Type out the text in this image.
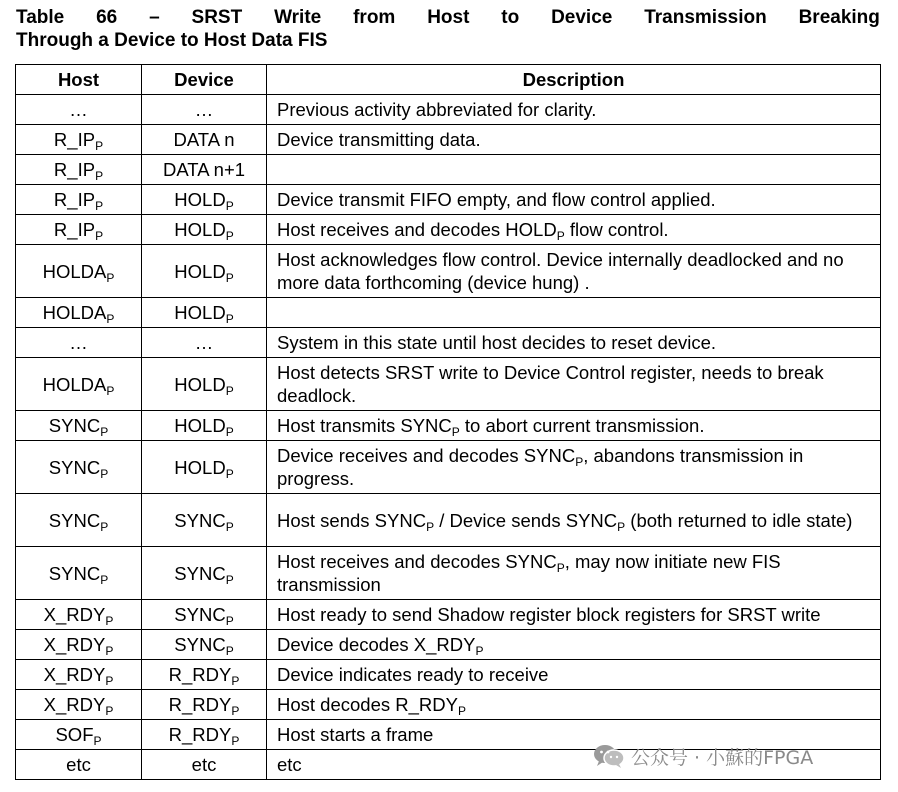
Table 66 – SRST Write from Host to Device Transmission Breaking
Through a Device to Host Data FIS
Host	Device	Description
…	…	Previous activity abbreviated for clarity.
$R\_IP_P$	DATA n	Device transmitting data.
$R\_IP_P$	DATA n+1	
$R\_IP_P$	$HOLD_P$	Device transmit FIFO empty, and flow control applied.
$R\_IP_P$	$HOLD_P$	Host receives and decodes $HOLD_P$ flow control.
$HOLDA_P$	$HOLD_P$	Host acknowledges flow control. Device internally deadlocked and no more data forthcoming (device hung) .
$HOLDA_P$	$HOLD_P$	
…	…	System in this state until host decides to reset device.
$HOLDA_P$	$HOLD_P$	Host detects SRST write to Device Control register, needs to break deadlock.
$SYNC_P$	$HOLD_P$	Host transmits $SYNC_P$ to abort current transmission.
$SYNC_P$	$HOLD_P$	Device receives and decodes $SYNC_P$, abandons transmission in progress.
$SYNC_P$	$SYNC_P$	Host sends $SYNC_P$ / Device sends $SYNC_P$ (both returned to idle state)
$SYNC_P$	$SYNC_P$	Host receives and decodes $SYNC_P$, may now initiate new FIS transmission
$X\_RDY_P$	$SYNC_P$	Host ready to send Shadow register block registers for SRST write
$X\_RDY_P$	$SYNC_P$	Device decodes $X\_RDY_P$
$X\_RDY_P$	$R\_RDY_P$	Device indicates ready to receive
$X\_RDY_P$	$R\_RDY_P$	Host decodes $R\_RDY_P$
$SOF_P$	$R\_RDY_P$	Host starts a frame
etc	etc	etc	公众号 · 小蘇的FPGA
